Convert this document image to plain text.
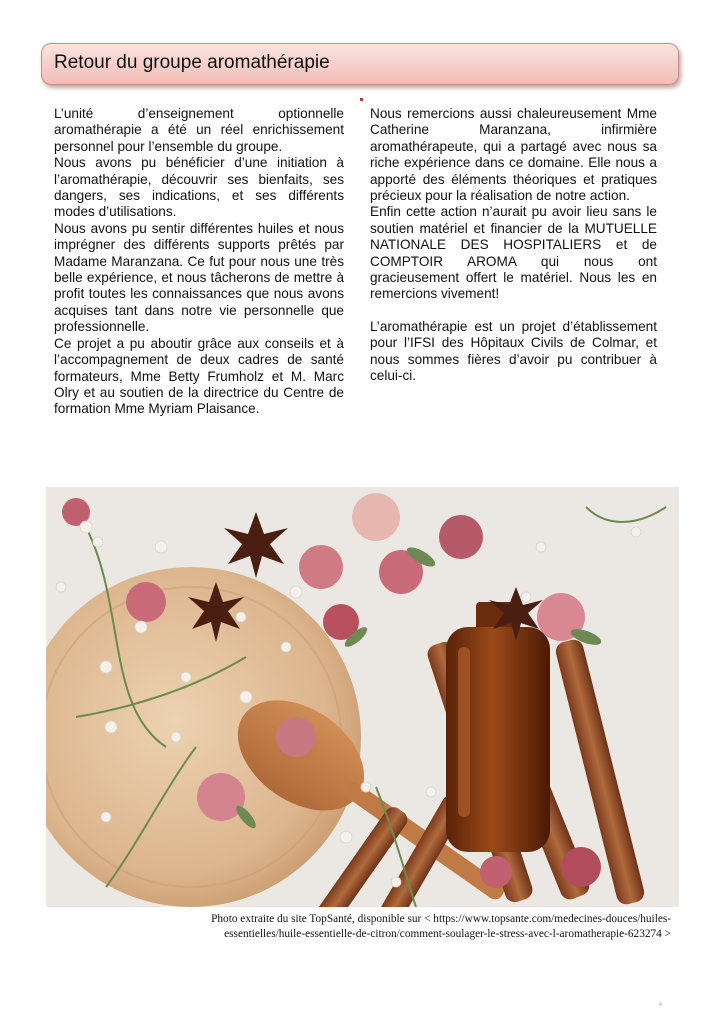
Retour du groupe aromathérapie

L’unité d’enseignement optionnelle aromathérapie a été un réel enrichissement personnel pour l’ensemble du groupe.

Nous avons pu bénéficier d’une initiation à l’aromathérapie, découvrir ses bienfaits, ses dangers, ses indications, et ses différents modes d’utilisations.

Nous avons pu sentir différentes huiles et nous imprégner des différents supports prêtés par Madame Maranzana. Ce fut pour nous une très belle expérience, et nous tâcherons de mettre à profit toutes les connaissances que nous avons acquises tant dans notre vie personnelle que professionnelle.

Ce projet a pu aboutir grâce aux conseils et à l’accompagnement de deux cadres de santé formateurs, Mme Betty Frumholz et M. Marc Olry et au soutien de la directrice du Centre de formation Mme Myriam Plaisance.

Nous remercions aussi chaleureusement Mme Catherine Maranzana, infirmière aromathérapeute, qui a partagé avec nous sa riche expérience dans ce domaine. Elle nous a apporté des éléments théoriques et pratiques précieux pour la réalisation de notre action.

Enfin cette action n’aurait pu avoir lieu sans le soutien matériel et financier de la MUTUELLE NATIONALE DES HOSPITALIERS et de COMPTOIR AROMA qui nous ont gracieusement offert le matériel. Nous les en remercions vivement!

L’aromathérapie est un projet d’établissement pour l’IFSI des Hôpitaux Civils de Colmar, et nous sommes fières d’avoir pu contribuer à celui-ci.

Photo extraite du site TopSanté, disponible sur < https://www.topsante.com/medecines-douces/huiles-
essentielles/huile-essentielle-de-citron/comment-soulager-le-stress-avec-l-aromatherapie-623274 >
4
